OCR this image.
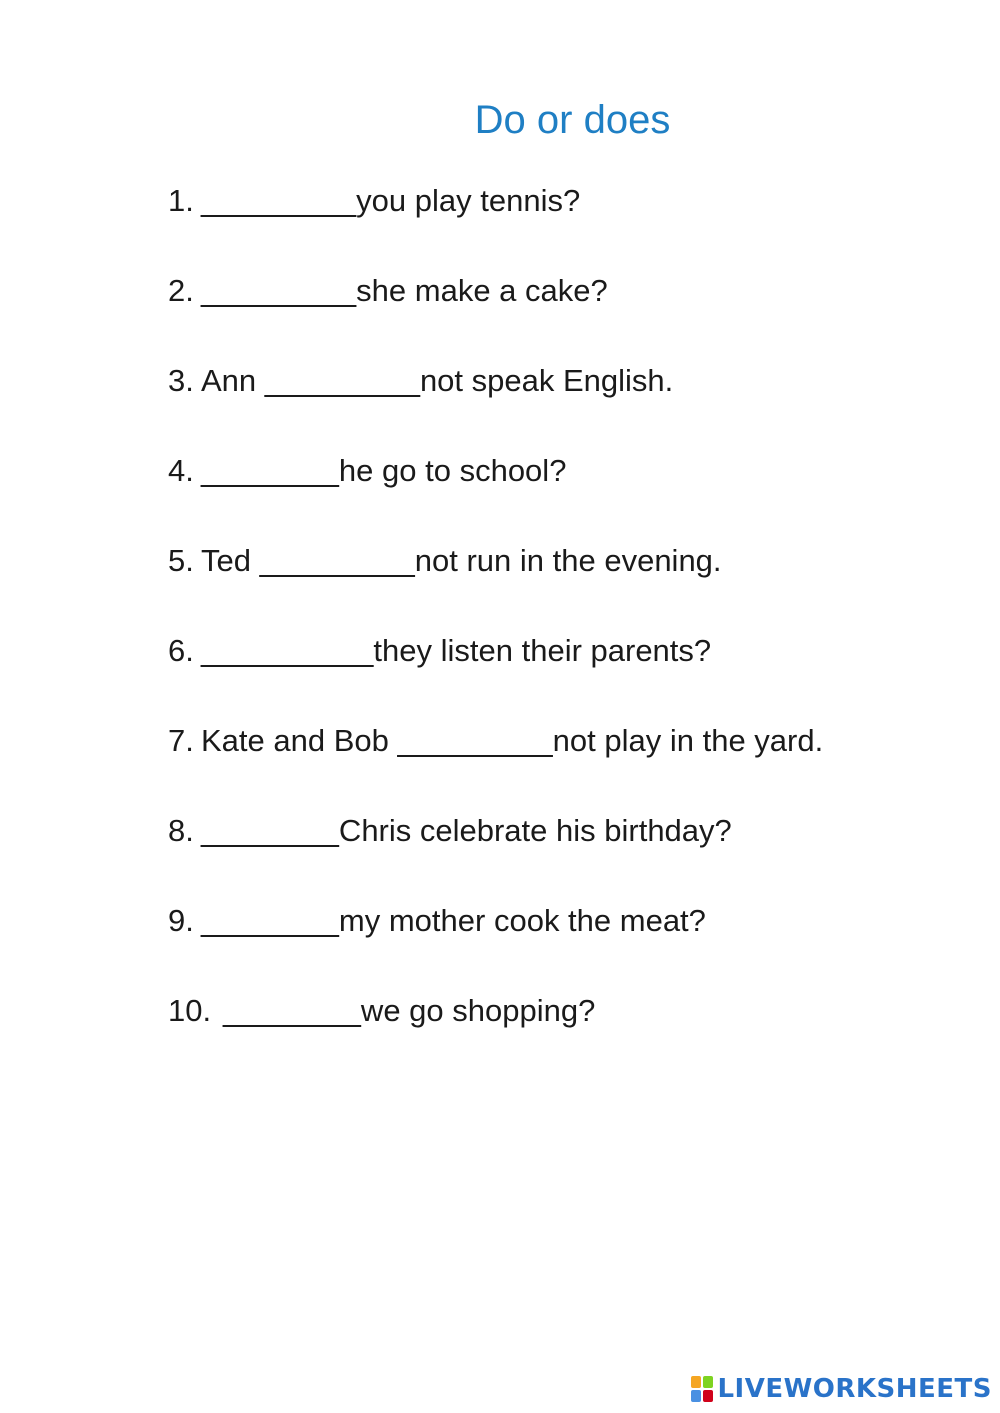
Do or does
1. _________you play tennis?
2. _________she make a cake?
3. Ann _________not speak English.
4. ________he go to school?
5. Ted _________not run in the evening.
6. __________they listen their parents?
7. Kate and Bob _________not play in the yard.
8. ________Chris celebrate his birthday?
9. ________my mother cook the meat?
10. ________we go shopping?
LIVEWORKSHEETS
